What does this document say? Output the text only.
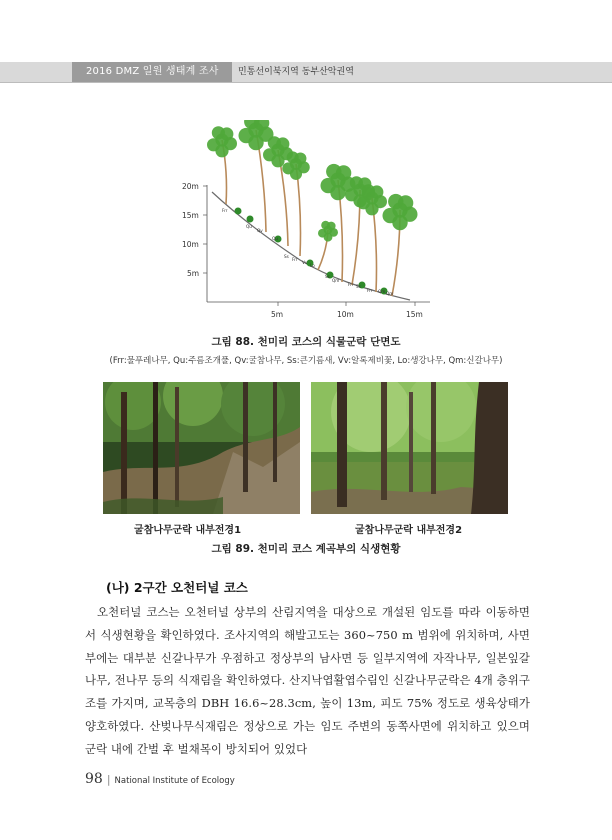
2016 DMZ 일원 생태계 조사	민통선이북지역 동부산악권역
20m
15m
10m
5m
5m	10m	15m
Frr
Qu
Qv
Qu
Ss
Frr
Vv
Lo
Ss
Qm
Frr Ss
Frr Qm Qm
그림 88. 천미리 코스의 식물군락 단면도
(Frr:물푸레나무, Qu:주름조개풀, Qv:굴참나무, Ss:큰기름새, Vv:알록제비꽃, Lo:생강나무, Qm:신갈나무)
굴참나무군락 내부전경1	굴참나무군락 내부전경2
그림 89. 천미리 코스 계곡부의 식생현황
(나) 2구간 오천터널 코스

오천터널 코스는 오천터널 상부의 산림지역을 대상으로 개설된 임도를 따라 이동하면서 식생현황을 확인하였다. 조사지역의 해발고도는 360~750 m 범위에 위치하며, 사면부에는 대부분 신갈나무가 우점하고 정상부의 남사면 등 일부지역에 자작나무, 일본잎갈나무, 전나무 등의 식재림을 확인하였다. 산지낙엽활엽수림인 신갈나무군락은 4개 층위구조를 가지며, 교목층의 DBH 16.6~28.3cm, 높이 13m, 피도 75% 정도로 생육상태가 양호하였다. 산벚나무식재림은 정상으로 가는 임도 주변의 동쪽사면에 위치하고 있으며 군락 내에 간벌 후 벌채목이 방치되어 있었다

98 | National Institute of Ecology
